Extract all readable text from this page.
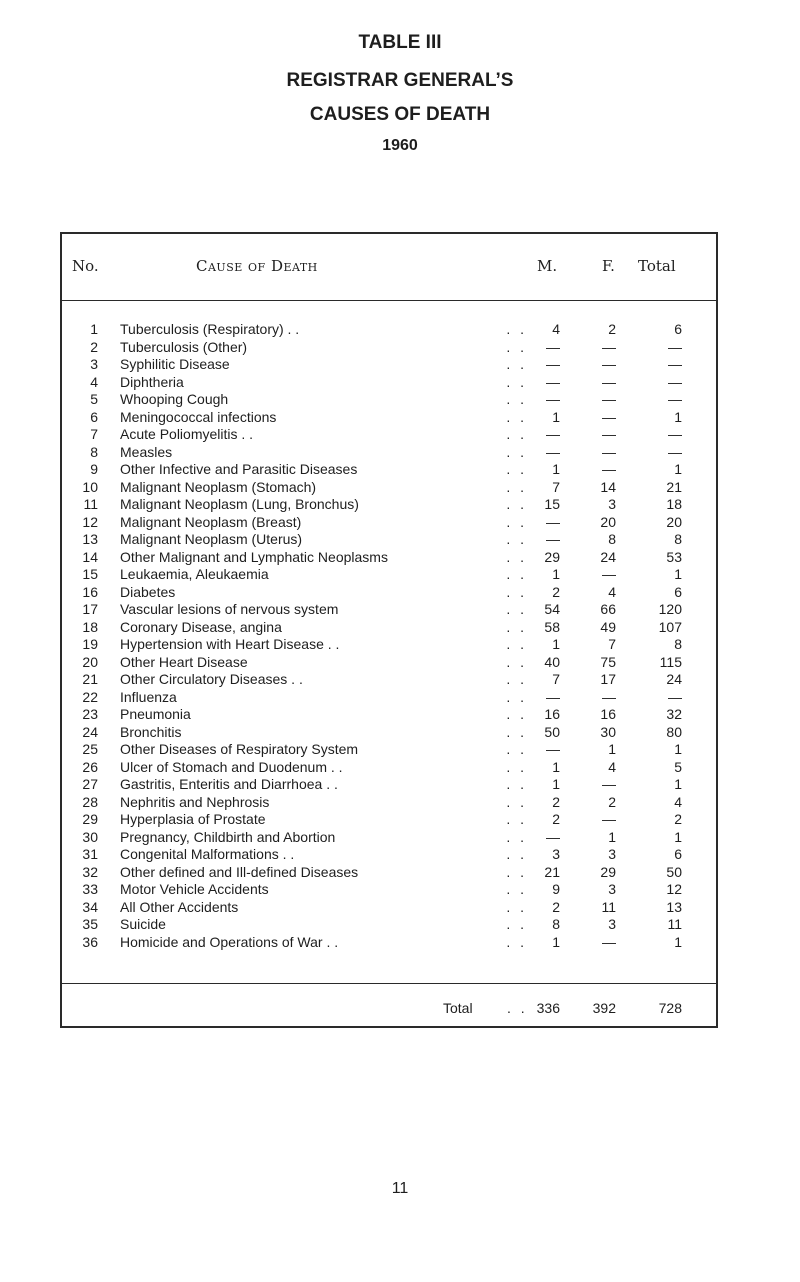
TABLE III

REGISTRAR GENERAL’S

CAUSES OF DEATH

1960

No.	Cause of Death	M.	F. Total
1 Tuberculosis (Respiratory) . .	4	2	6
. .
2 Tuberculosis (Other)	—	—	—
. .
3 Syphilitic Disease	—	—	—
. .
4 Diphtheria	—	—	—
. .
5 Whooping Cough	—	—	—
. .
6 Meningococcal infections	1	—	1
. .
7 Acute Poliomyelitis . .	—	—	—
. .
8 Measles	—	—	—
. .
9 Other Infective and Parasitic Diseases	1	—	1
. .
10 Malignant Neoplasm (Stomach)	7	14	21
. .
11 Malignant Neoplasm (Lung, Bronchus)	15	3	18
. .
12 Malignant Neoplasm (Breast)	—	20	20
. .
13 Malignant Neoplasm (Uterus)	—	8	8
. .
14 Other Malignant and Lymphatic Neoplasms	29	24	53
. .
15 Leukaemia, Aleukaemia	1	—	1
. .
16 Diabetes	2	4	6
. .
17 Vascular lesions of nervous system	54	66	120
. .
18 Coronary Disease, angina	58	49	107
. .
19 Hypertension with Heart Disease . .	1	7	8
. .
20 Other Heart Disease	40	75	115
. .
21 Other Circulatory Diseases . .	7	17	24
. .
22 Influenza	—	—	—
. .
23 Pneumonia	16	16	32
. .
24 Bronchitis	50	30	80
. .
25 Other Diseases of Respiratory System	—	1	1
. .
26 Ulcer of Stomach and Duodenum . .	1	4	5
. .
27 Gastritis, Enteritis and Diarrhoea . .	1	—	1
. .
28 Nephritis and Nephrosis	2	2	4
. .
29 Hyperplasia of Prostate	2	—	2
. .
30 Pregnancy, Childbirth and Abortion	—	1	1
. .
31 Congenital Malformations . .	3	3	6
. .
32 Other defined and Ill-defined Diseases	21	29	50
. .
33 Motor Vehicle Accidents	9	3	12
. .
34 All Other Accidents	2	11	13
. .
35 Suicide	8	3	11
. .
36 Homicide and Operations of War . .	1	—	1
. .
Total . . 336	392	728
11
